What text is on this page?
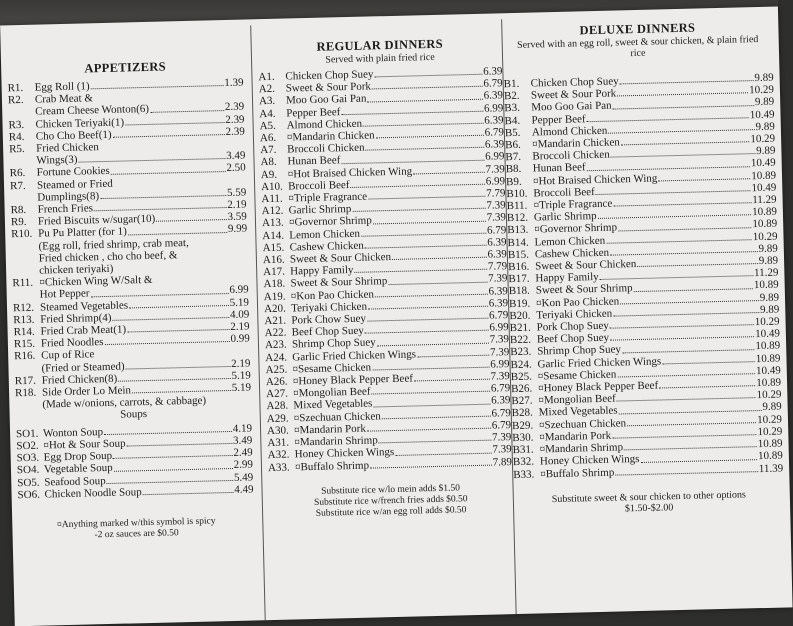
APPETIZERS
R1.	Egg Roll (1)	1.39
R2.	Crab Meat &
Cream Cheese Wonton(6)	2.39
R3.	Chicken Teriyaki(1)	2.39
R4.	Cho Cho Beef(1)	2.39
R5.	Fried Chicken
Wings(3)	3.49
R6.	Fortune Cookies	2.50
R7.	Steamed or Fried
Dumplings(8)	5.59
R8.	French Fries	2.19
R9.	Fried Biscuits w/sugar(10)	3.59
R10. Pu Pu Platter (for 1)	9.99
(Egg roll, fried shrimp, crab meat,
Fried chicken , cho cho beef, &
chicken teriyaki)
R11. ¤Chicken Wing W/Salt &
Hot Pepper	6.99
R12. Steamed Vegetables	5.19
R13. Fried Shrimp(4)	4.09
R14. Fried Crab Meat(1)	2.19
R15. Fried Noodles	0.99
R16. Cup of Rice
(Fried or Steamed)	2.19
R17. Fried Chicken(8)	5.19
R18. Side Order Lo Mein	5.19
(Made w/onions, carrots, & cabbage)
Soups
SO1. Wonton Soup	4.19
SO2. ¤Hot & Sour Soup	3.49
SO3. Egg Drop Soup	2.49
SO4. Vegetable Soup	2.99
SO5. Seafood Soup	5.49
SO6. Chicken Noodle Soup	4.49
¤Anything marked w/this symbol is spicy
-2 oz sauces are $0.50
REGULAR DINNERS
Served with plain fried rice
A1. Chicken Chop Suey	6.39
A2. Sweet & Sour Pork	6.79
A3. Moo Goo Gai Pan	6.39
A4. Pepper Beef	6.99
A5. Almond Chicken	6.39
A6. ¤Mandarin Chicken	6.79
A7. Broccoli Chicken	6.39
A8. Hunan Beef	6.99
A9. ¤Hot Braised Chicken Wing	7.39
A10. Broccoli Beef	6.99
A11. ¤Triple Fragrance	7.79
A12. Garlic Shrimp	7.39
A13. ¤Governor Shrimp	7.39
A14. Lemon Chicken	6.79
A15. Cashew Chicken	6.39
A16. Sweet & Sour Chicken	6.39
A17. Happy Family	7.79
A18. Sweet & Sour Shrimp	7.39
A19. ¤Kon Pao Chicken	6.39
A20. Teriyaki Chicken	6.39
A21. Pork Chow Suey	6.79
A22. Beef Chop Suey	6.99
A23. Shrimp Chop Suey	7.39
A24. Garlic Fried Chicken Wings	7.39
A25. ¤Sesame Chicken	6.99
A26. ¤Honey Black Pepper Beef	7.39
A27. ¤Mongolian Beef	6.79
A28. Mixed Vegetables	6.39
A29. ¤Szechuan Chicken	6.79
A30. ¤Mandarin Pork	6.79
A31. ¤Mandarin Shrimp	7.39
A32. Honey Chicken Wings	7.39
A33. ¤Buffalo Shrimp	7.89
Substitute rice w/lo mein adds $1.50
Substitute rice w/french fries adds $0.50
Substitute rice w/an egg roll adds $0.50
DELUXE DINNERS
Served with an egg roll, sweet & sour chicken, & plain fried rice
B1.	Chicken Chop Suey	9.89
B2.	Sweet & Sour Pork	10.29
B3.	Moo Goo Gai Pan	9.89
B4.	Pepper Beef	10.49
B5.	Almond Chicken	9.89
B6.	¤Mandarin Chicken	10.29
B7.	Broccoli Chicken	9.89
B8.	Hunan Beef	10.49
B9.	¤Hot Braised Chicken Wing	10.89
B10. Broccoli Beef	10.49
B11. ¤Triple Fragrance	11.29
B12. Garlic Shrimp	10.89
B13. ¤Governor Shrimp	10.89
B14. Lemon Chicken	10.29
B15. Cashew Chicken	9.89
B16. Sweet & Sour Chicken	9.89
B17. Happy Family	11.29
B18. Sweet & Sour Shrimp	10.89
B19. ¤Kon Pao Chicken	9.89
B20. Teriyaki Chicken	9.89
B21. Pork Chop Suey	10.29
B22. Beef Chop Suey	10.49
B23. Shrimp Chop Suey	10.89
B24. Garlic Fried Chicken Wings	10.89
B25. ¤Sesame Chicken	10.49
B26. ¤Honey Black Pepper Beef	10.89
B27. ¤Mongolian Beef	10.29
B28. Mixed Vegetables	9.89
B29. ¤Szechuan Chicken	10.29
B30. ¤Mandarin Pork	10.29
B31. ¤Mandarin Shrimp	10.89
B32. Honey Chicken Wings	10.89
B33. ¤Buffalo Shrimp	11.39
Substitute sweet & sour chicken to other options
$1.50-$2.00
